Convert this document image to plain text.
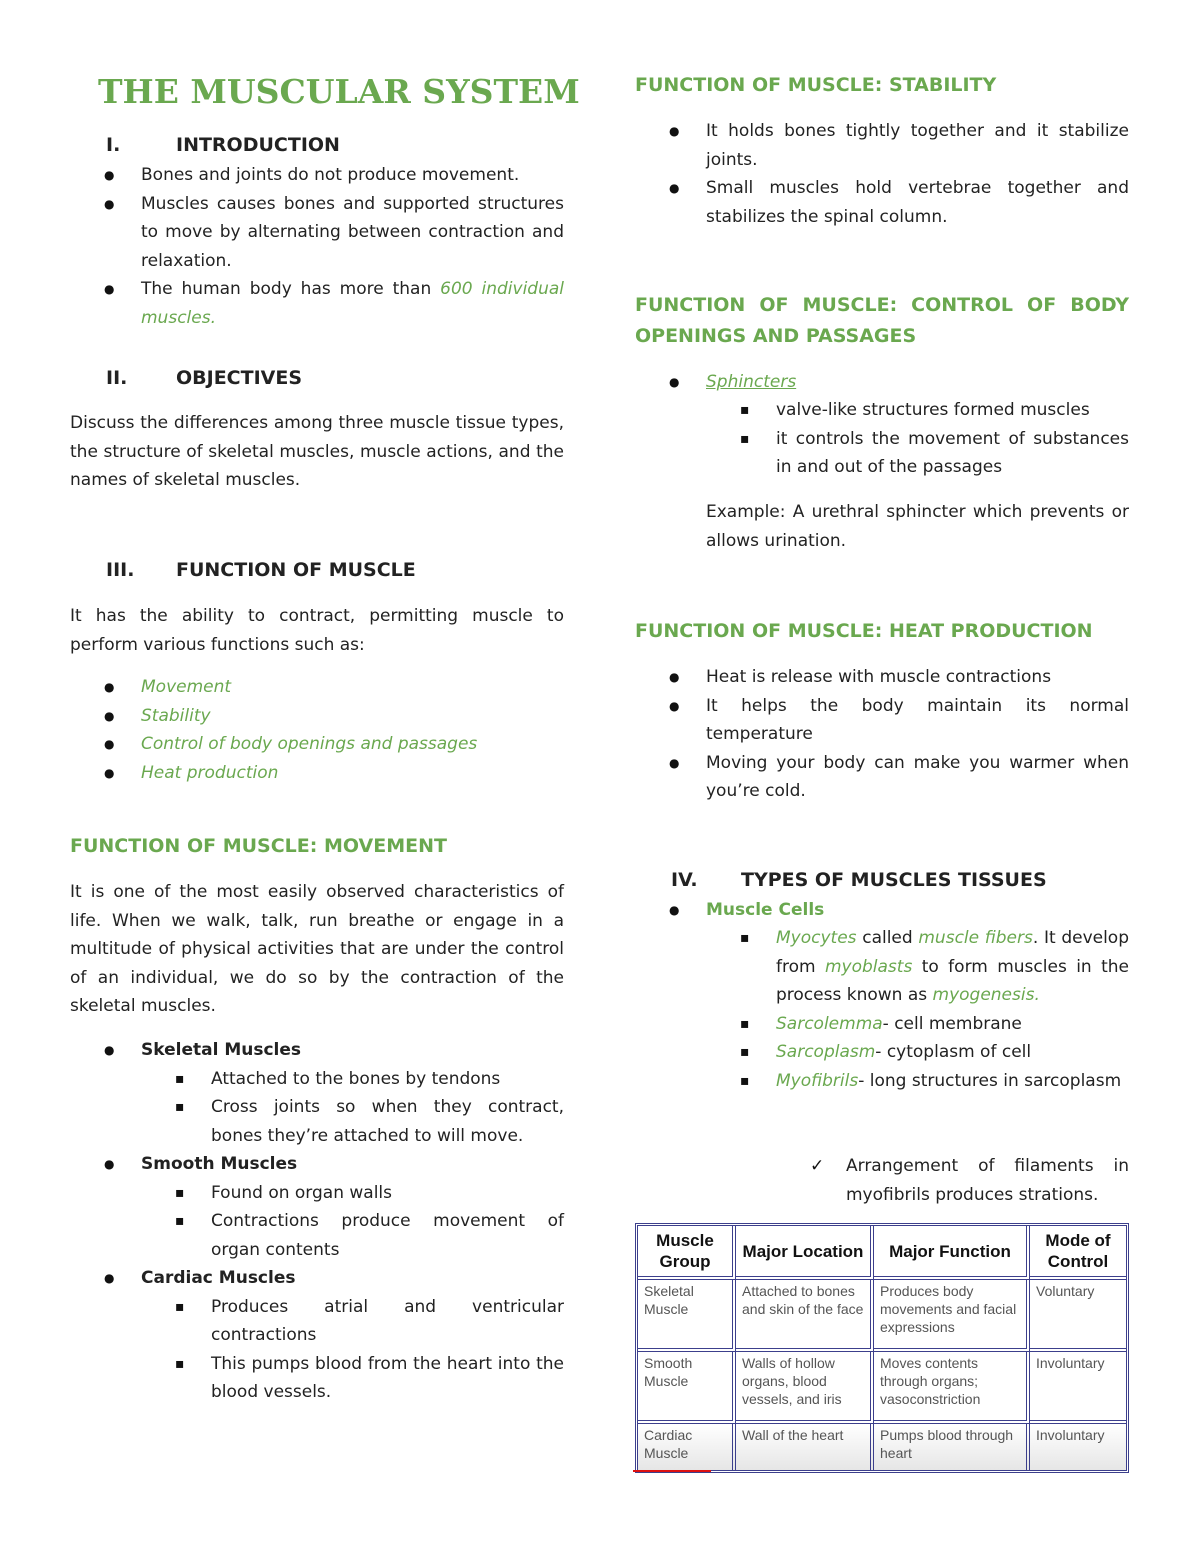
THE MUSCULAR SYSTEM
I.	INTRODUCTION
● Bones and joints do not produce movement.
● Muscles causes bones and supported structures to move by alternating between contraction and relaxation.
● The human body has more than 600 individual muscles.
II.	OBJECTIVES
Discuss the differences among three muscle tissue types, the structure of skeletal muscles, muscle actions, and the names of skeletal muscles.
III. FUNCTION OF MUSCLE
It has the ability to contract, permitting muscle to perform various functions such as:
● Movement
● Stability
● Control of body openings and passages
● Heat production
FUNCTION OF MUSCLE: MOVEMENT
It is one of the most easily observed characteristics of life. When we walk, talk, run breathe or engage in a multitude of physical activities that are under the control of an individual, we do so by the contraction of the skeletal muscles.
● Skeletal Muscles
▪ Attached to the bones by tendons
▪ Cross joints so when they contract, bones they’re attached to will move.
● Smooth Muscles
▪ Found on organ walls
▪ Contractions produce movement of organ contents
● Cardiac Muscles
▪ Produces atrial and ventricular contractions
▪ This pumps blood from the heart into the blood vessels.
FUNCTION OF MUSCLE: STABILITY
● It holds bones tightly together and it stabilize joints.
● Small muscles hold vertebrae together and stabilizes the spinal column.
FUNCTION OF MUSCLE: CONTROL OF BODY OPENINGS AND PASSAGES
● Sphincters
▪ valve-like structures formed muscles
▪ it controls the movement of substances in and out of the passages
Example: A urethral sphincter which prevents or allows urination.
FUNCTION OF MUSCLE: HEAT PRODUCTION
● Heat is release with muscle contractions
● It helps the body maintain its normal temperature
● Moving your body can make you warmer when you’re cold.
IV. TYPES OF MUSCLES TISSUES
● Muscle Cells
▪ Myocytes called muscle fibers. It develop from myoblasts to form muscles in the process known as myogenesis.
▪ Sarcolemma- cell membrane
▪ Sarcoplasm- cytoplasm of cell
▪ Myofibrils- long structures in sarcoplasm
✓ Arrangement of filaments in myofibrils produces strations.
Muscle Group	Major Location	Major Function	Mode of Control
Skeletal Muscle	Attached to bones and skin of the face	Produces body movements and facial expressions	Voluntary
Smooth Muscle	Walls of hollow organs, blood vessels, and iris	Moves contents through organs; vasoconstriction	Involuntary
Cardiac Muscle	Wall of the heart	Pumps blood through heart	Involuntary
